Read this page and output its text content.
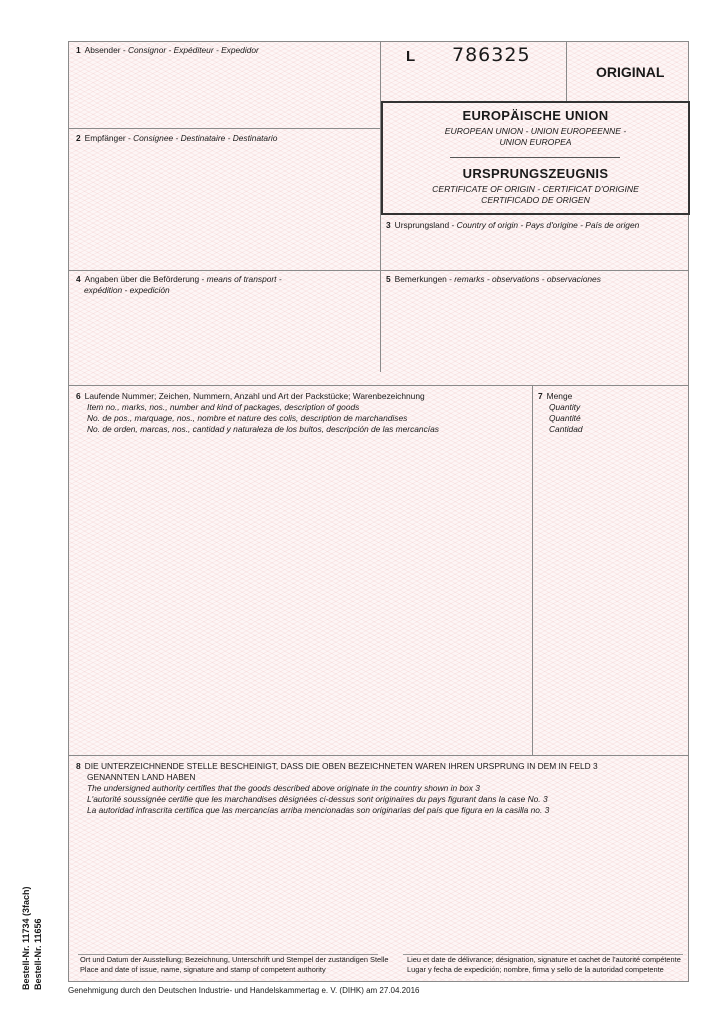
L 786325
ORIGINAL
1 Absender - Consignor - Expéditeur - Expedidor
2 Empfänger - Consignee - Destinataire - Destinatario
EUROPÄISCHE UNION
EUROPEAN UNION - UNION EUROPEENNE -
UNION EUROPEA
URSPRUNGSZEUGNIS
CERTIFICATE OF ORIGIN - CERTIFICAT D'ORIGINE
CERTIFICADO DE ORIGEN
3 Ursprungsland - Country of origin - Pays d'origine - País de origen
4 Angaben über die Beförderung - means of transport -
expédition - expedición
5 Bemerkungen - remarks - observations - observaciones
6 Laufende Nummer; Zeichen, Nummern, Anzahl und Art der Packstücke; Warenbezeichnung
Item no., marks, nos., number and kind of packages, description of goods
No. de pos., marquage, nos., nombre et nature des colis, description de marchandises
No. de orden, marcas, nos., cantidad y naturaleza de los bultos, descripción de las mercancías
7 Menge
Quantity
Quantité
Cantidad
8 DIE UNTERZEICHNENDE STELLE BESCHEINIGT, DASS DIE OBEN BEZEICHNETEN WAREN IHREN URSPRUNG IN DEM IN FELD 3
GENANNTEN LAND HABEN
The undersigned authority certifies that the goods described above originate in the country shown in box 3
L'autorité soussignée certifie que les marchandises désignées ci-dessus sont originaires du pays figurant dans la case No. 3
La autoridad infrascrita certifica que las mercancías arriba mencionadas son originarias del país que figura en la casilla no. 3
Ort und Datum der Ausstellung; Bezeichnung, Unterschrift und Stempel der zuständigen Stelle
Place and date of issue, name, signature and stamp of competent authority
Lieu et date de délivrance; désignation, signature et cachet de l'autorité compétente
Lugar y fecha de expedición; nombre, firma y sello de la autoridad competente
Bestell-Nr. 11734 (3fach) Bestell-Nr. 11656
Genehmigung durch den Deutschen Industrie- und Handelskammertag e. V. (DIHK) am 27.04.2016
